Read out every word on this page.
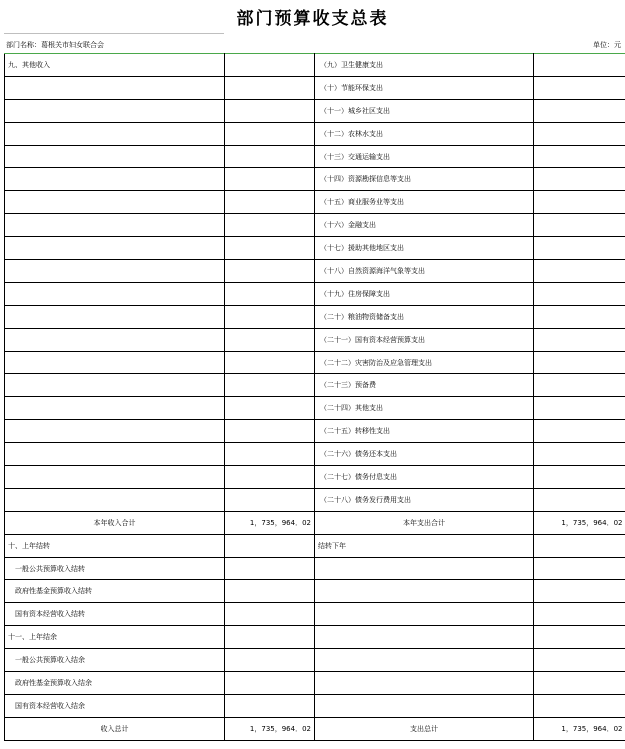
部门预算收支总表
部门名称：葛根关市妇女联合会	单位：元
九、其他收入		（九）卫生健康支出	
		（十）节能环保支出	
		（十一）城乡社区支出	
		（十二）农林水支出	
		（十三）交通运输支出	
		（十四）资源勘探信息等支出	
		（十五）商业服务业等支出	
		（十六）金融支出	
		（十七）援助其他地区支出	
		（十八）自然资源海洋气象等支出	
		（十九）住房保障支出	
		（二十）粮油物资储备支出	
		（二十一）国有资本经营预算支出	
		（二十二）灾害防治及应急管理支出	
		（二十三）预备费	
		（二十四）其他支出	
		（二十五）转移性支出	
		（二十六）债务还本支出	
		（二十七）债务付息支出	
		（二十八）债务发行费用支出	
本年收入合计	1，735，964．02	本年支出合计	1，735，964．02
十、上年结转		结转下年	
一般公共预算收入结转			
政府性基金预算收入结转			
国有资本经营收入结转			
十一、上年结余			
一般公共预算收入结余			
政府性基金预算收入结余			
国有资本经营收入结余			
收入总计	1，735，964．02	支出总计	1，735，964．02
